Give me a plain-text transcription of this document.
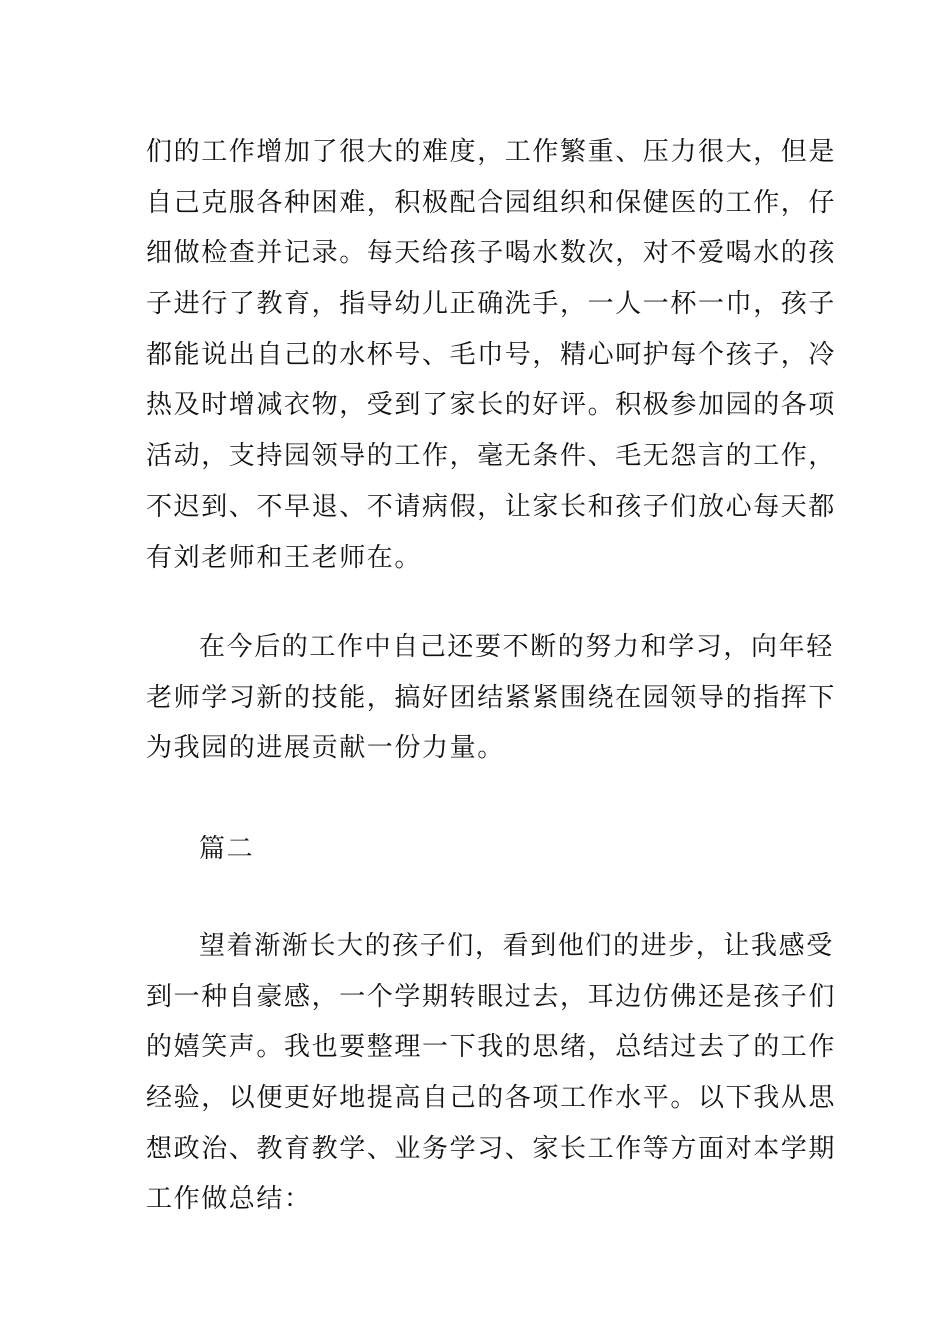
们的工作增加了很大的难度，工作繁重、压力很大，但是
自己克服各种困难，积极配合园组织和保健医的工作，仔
细做检查并记录。每天给孩子喝水数次，对不爱喝水的孩
子进行了教育，指导幼儿正确洗手，一人一杯一巾，孩子
都能说出自己的水杯号、毛巾号，精心呵护每个孩子，冷
热及时增减衣物，受到了家长的好评。积极参加园的各项
活动，支持园领导的工作，毫无条件、毛无怨言的工作，
不迟到、不早退、不请病假，让家长和孩子们放心每天都
有刘老师和王老师在。
在今后的工作中自己还要不断的努力和学习，向年轻
老师学习新的技能，搞好团结紧紧围绕在园领导的指挥下
为我园的进展贡献一份力量。
篇二
望着渐渐长大的孩子们，看到他们的进步，让我感受
到一种自豪感，一个学期转眼过去，耳边仿佛还是孩子们
的嬉笑声。我也要整理一下我的思绪，总结过去了的工作
经验，以便更好地提高自己的各项工作水平。以下我从思
想政治、教育教学、业务学习、家长工作等方面对本学期
工作做总结：
